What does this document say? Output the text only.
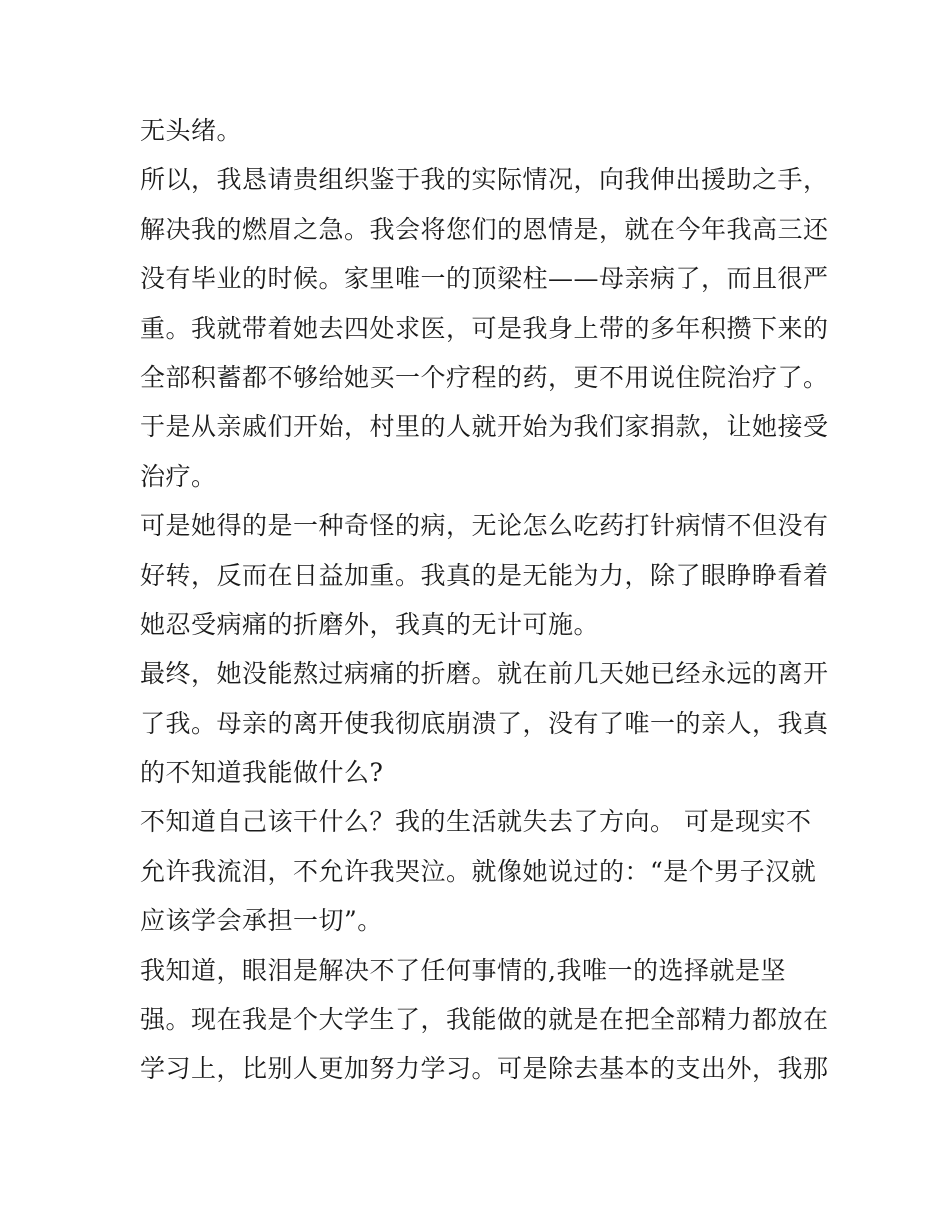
无头绪。
所以，我恳请贵组织鉴于我的实际情况，向我伸出援助之手，
解决我的燃眉之急。我会将您们的恩情是，就在今年我高三还
没有毕业的时候。家里唯一的顶梁柱——母亲病了，而且很严
重。我就带着她去四处求医，可是我身上带的多年积攒下来的
全部积蓄都不够给她买一个疗程的药，更不用说住院治疗了。
于是从亲戚们开始，村里的人就开始为我们家捐款，让她接受
治疗。
可是她得的是一种奇怪的病，无论怎么吃药打针病情不但没有
好转，反而在日益加重。我真的是无能为力，除了眼睁睁看着
她忍受病痛的折磨外，我真的无计可施。
最终，她没能熬过病痛的折磨。就在前几天她已经永远的离开
了我。母亲的离开使我彻底崩溃了，没有了唯一的亲人，我真
的不知道我能做什么?
不知道自己该干什么？我的生活就失去了方向。 可是现实不
允许我流泪，不允许我哭泣。就像她说过的：“是个男子汉就
应该学会承担一切”。
我知道，眼泪是解决不了任何事情的,我唯一的选择就是坚
强。现在我是个大学生了，我能做的就是在把全部精力都放在
学习上，比别人更加努力学习。可是除去基本的支出外，我那
